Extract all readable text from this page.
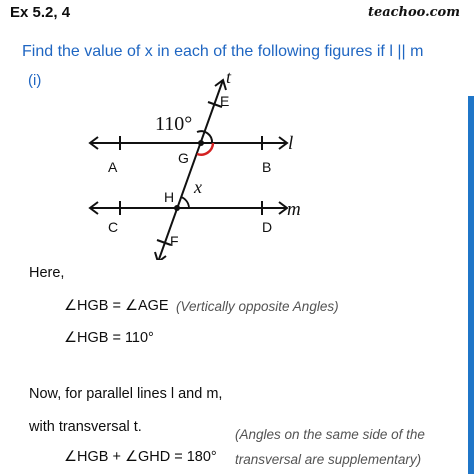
Ex 5.2, 4	teachoo.com
Find the value of x in each of the following figures if l || m
(i)
110°
x
t
l
m
E
G
H
F
A	B
C	D
Here,
∠HGB = ∠AGE (Vertically opposite Angles)
∠HGB = 110°
Now, for parallel lines l and m,
with transversal t.	(Angles on the same side of the
∠HGB + ∠GHD = 180° transversal are supplementary)
